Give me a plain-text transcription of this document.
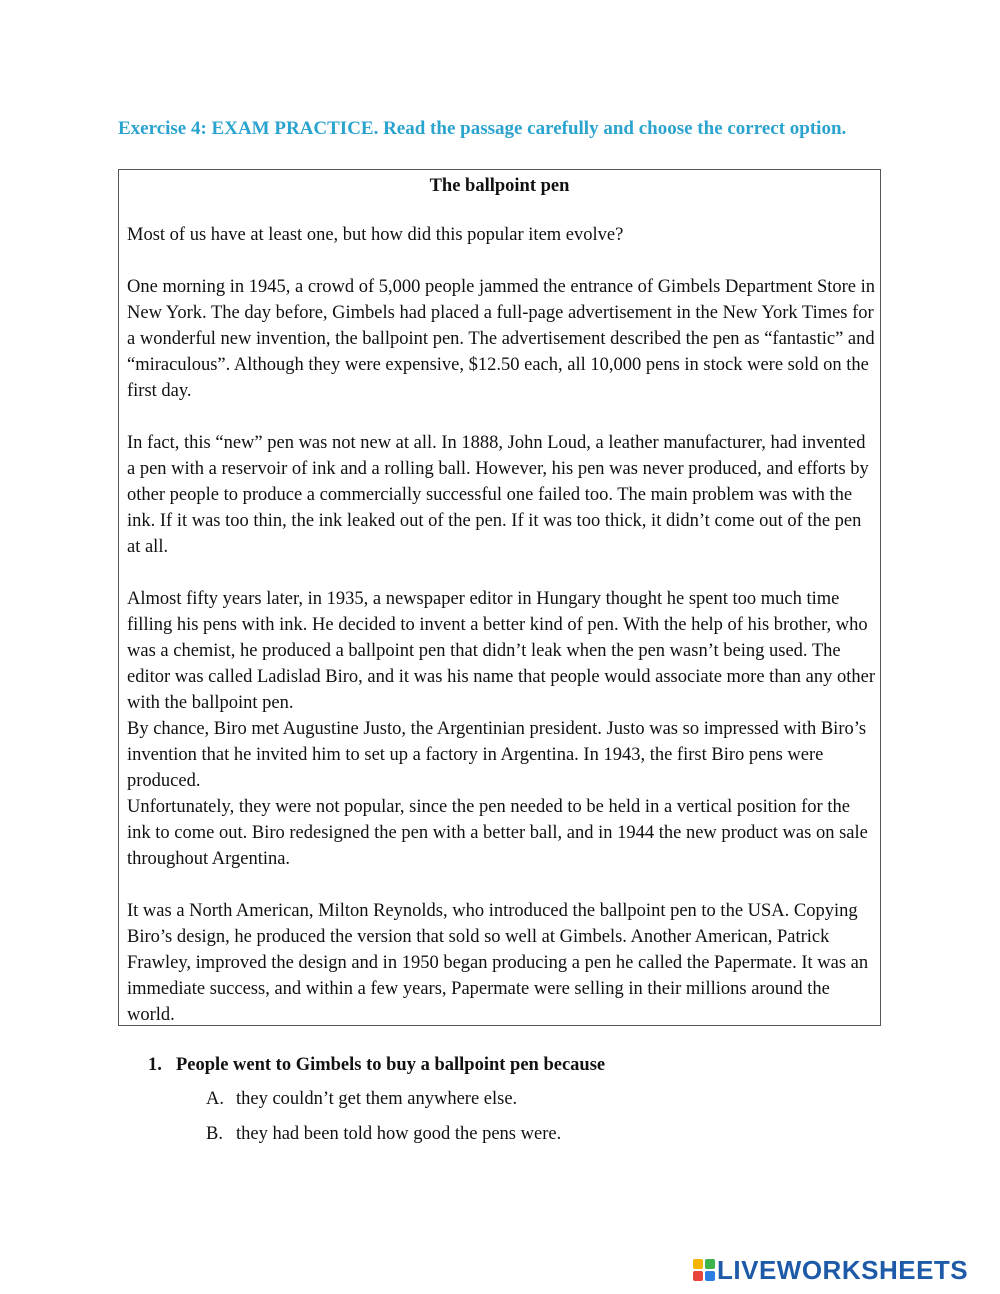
Exercise 4: EXAM PRACTICE. Read the passage carefully and choose the correct option.
The ballpoint pen

Most of us have at least one, but how did this popular item evolve?

One morning in 1945, a crowd of 5,000 people jammed the entrance of Gimbels Department Store in New York. The day before, Gimbels had placed a full-page advertisement in the New York Times for a wonderful new invention, the ballpoint pen. The advertisement described the pen as “fantastic” and “miraculous”. Although they were expensive, $12.50 each, all 10,000 pens in stock were sold on the first day.

In fact, this “new” pen was not new at all. In 1888, John Loud, a leather manufacturer, had invented a pen with a reservoir of ink and a rolling ball. However, his pen was never produced, and efforts by other people to produce a commercially successful one failed too. The main problem was with the ink. If it was too thin, the ink leaked out of the pen. If it was too thick, it didn’t come out of the pen at all.

Almost fifty years later, in 1935, a newspaper editor in Hungary thought he spent too much time filling his pens with ink. He decided to invent a better kind of pen. With the help of his brother, who was a chemist, he produced a ballpoint pen that didn’t leak when the pen wasn’t being used. The editor was called Ladislad Biro, and it was his name that people would associate more than any other with the ballpoint pen.

By chance, Biro met Augustine Justo, the Argentinian president. Justo was so impressed with Biro’s invention that he invited him to set up a factory in Argentina. In 1943, the first Biro pens were produced.

Unfortunately, they were not popular, since the pen needed to be held in a vertical position for the ink to come out. Biro redesigned the pen with a better ball, and in 1944 the new product was on sale throughout Argentina.

It was a North American, Milton Reynolds, who introduced the ballpoint pen to the USA. Copying Biro’s design, he produced the version that sold so well at Gimbels. Another American, Patrick Frawley, improved the design and in 1950 began producing a pen he called the Papermate. It was an immediate success, and within a few years, Papermate were selling in their millions around the world.

1. People went to Gimbels to buy a ballpoint pen because
A. they couldn’t get them anywhere else.
B. they had been told how good the pens were.
LIVEWORKSHEETS
